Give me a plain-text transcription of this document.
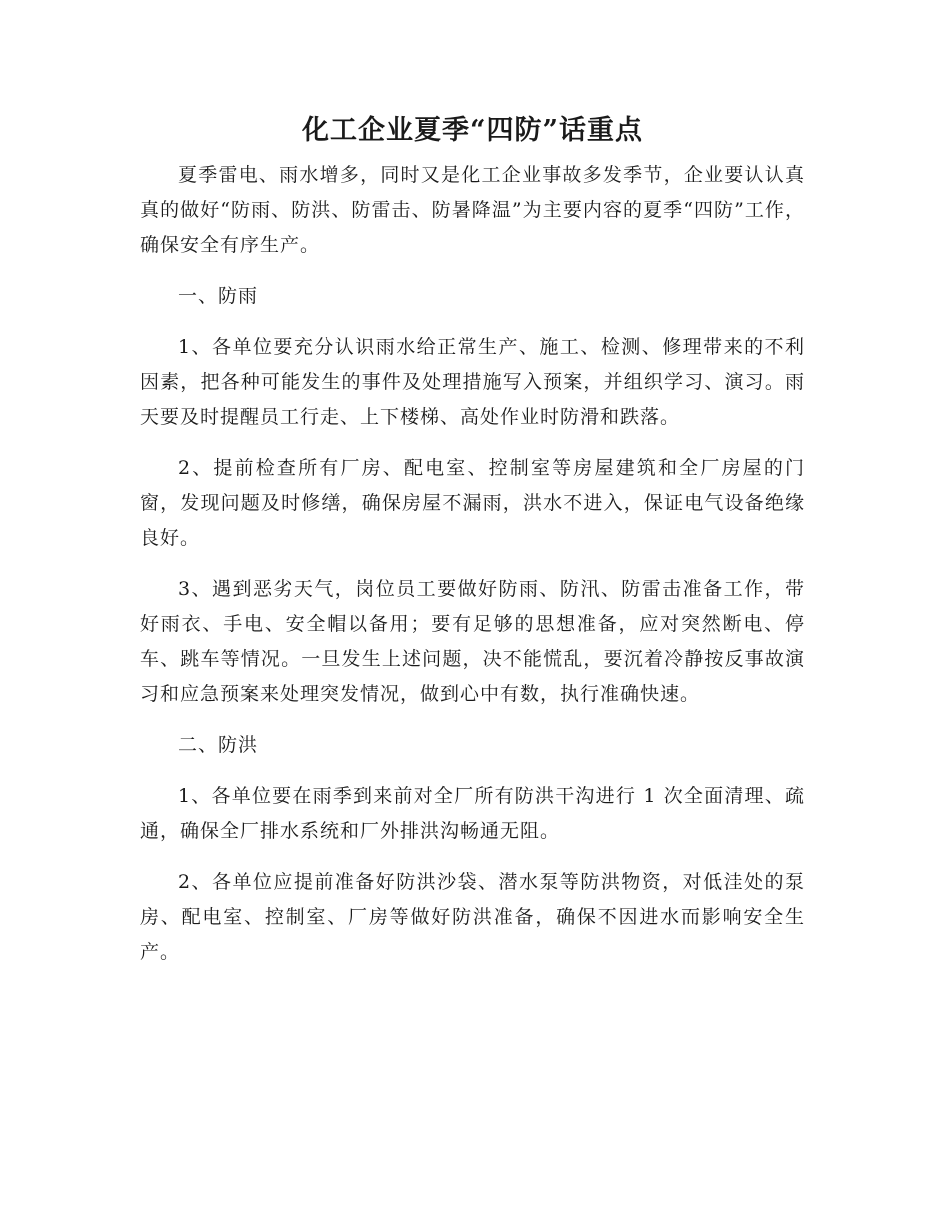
化工企业夏季“四防”话重点

夏季雷电、雨水增多，同时又是化工企业事故多发季节，企业要认认真真的做好“防雨、防洪、防雷击、防暑降温”为主要内容的夏季“四防”工作，确保安全有序生产。

一、防雨

1、各单位要充分认识雨水给正常生产、施工、检测、修理带来的不利因素，把各种可能发生的事件及处理措施写入预案，并组织学习、演习。雨天要及时提醒员工行走、上下楼梯、高处作业时防滑和跌落。

2、提前检查所有厂房、配电室、控制室等房屋建筑和全厂房屋的门窗，发现问题及时修缮，确保房屋不漏雨，洪水不进入，保证电气设备绝缘良好。

3、遇到恶劣天气，岗位员工要做好防雨、防汛、防雷击准备工作，带好雨衣、手电、安全帽以备用；要有足够的思想准备，应对突然断电、停车、跳车等情况。一旦发生上述问题，决不能慌乱，要沉着冷静按反事故演习和应急预案来处理突发情况，做到心中有数，执行准确快速。

二、防洪

1、各单位要在雨季到来前对全厂所有防洪干沟进行 1 次全面清理、疏通，确保全厂排水系统和厂外排洪沟畅通无阻。

2、各单位应提前准备好防洪沙袋、潜水泵等防洪物资，对低洼处的泵房、配电室、控制室、厂房等做好防洪准备，确保不因进水而影响安全生产。
